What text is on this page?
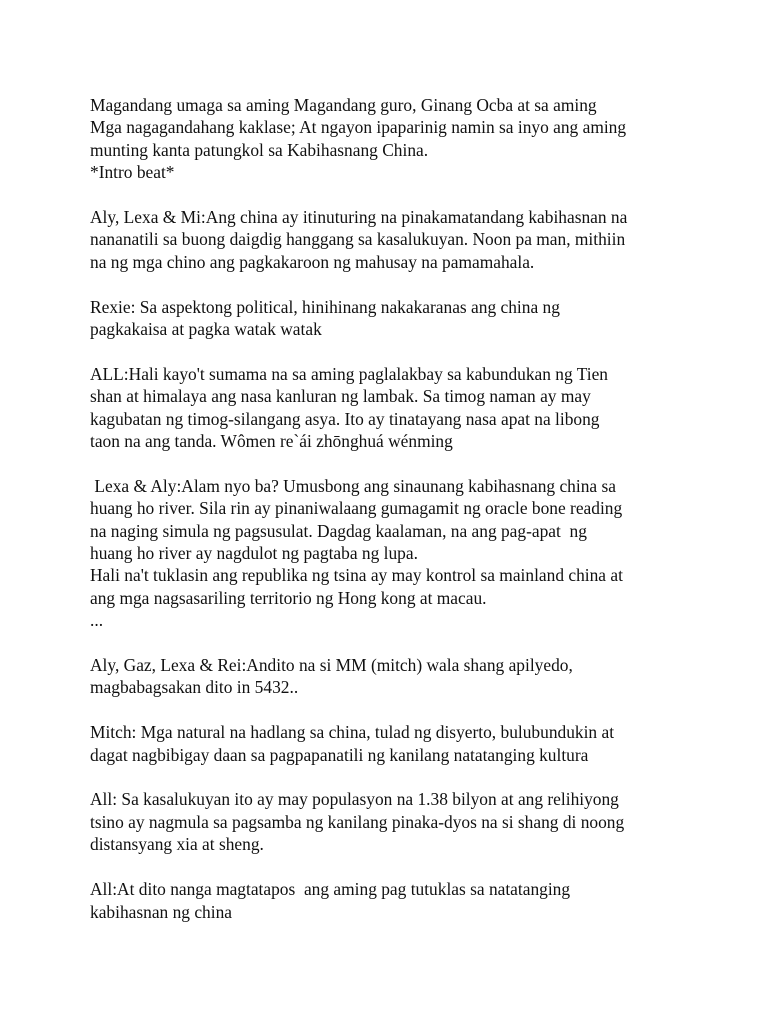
Magandang umaga sa aming Magandang guro, Ginang Ocba at sa aming
Mga nagagandahang kaklase; At ngayon ipaparinig namin sa inyo ang aming
munting kanta patungkol sa Kabihasnang China.
*Intro beat*
Aly, Lexa & Mi:Ang china ay itinuturing na pinakamatandang kabihasnan na
nananatili sa buong daigdig hanggang sa kasalukuyan. Noon pa man, mithiin
na ng mga chino ang pagkakaroon ng mahusay na pamamahala.
Rexie: Sa aspektong political, hinihinang nakakaranas ang china ng
pagkakaisa at pagka watak watak
ALL:Hali kayo't sumama na sa aming paglalakbay sa kabundukan ng Tien
shan at himalaya ang nasa kanluran ng lambak. Sa timog naman ay may
kagubatan ng timog-silangang asya. Ito ay tinatayang nasa apat na libong
taon na ang tanda. Wômen re`ái zhōnghuá wénming
Lexa & Aly:Alam nyo ba? Umusbong ang sinaunang kabihasnang china sa
huang ho river. Sila rin ay pinaniwalaang gumagamit ng oracle bone reading
na naging simula ng pagsusulat. Dagdag kaalaman, na ang pag-apat  ng
huang ho river ay nagdulot ng pagtaba ng lupa.
Hali na't tuklasin ang republika ng tsina ay may kontrol sa mainland china at
ang mga nagsasariling territorio ng Hong kong at macau.
...
Aly, Gaz, Lexa & Rei:Andito na si MM (mitch) wala shang apilyedo,
magbabagsakan dito in 5432..
Mitch: Mga natural na hadlang sa china, tulad ng disyerto, bulubundukin at
dagat nagbibigay daan sa pagpapanatili ng kanilang natatanging kultura
All: Sa kasalukuyan ito ay may populasyon na 1.38 bilyon at ang relihiyong
tsino ay nagmula sa pagsamba ng kanilang pinaka-dyos na si shang di noong
distansyang xia at sheng.
All:At dito nanga magtatapos  ang aming pag tutuklas sa natatanging
kabihasnan ng china
